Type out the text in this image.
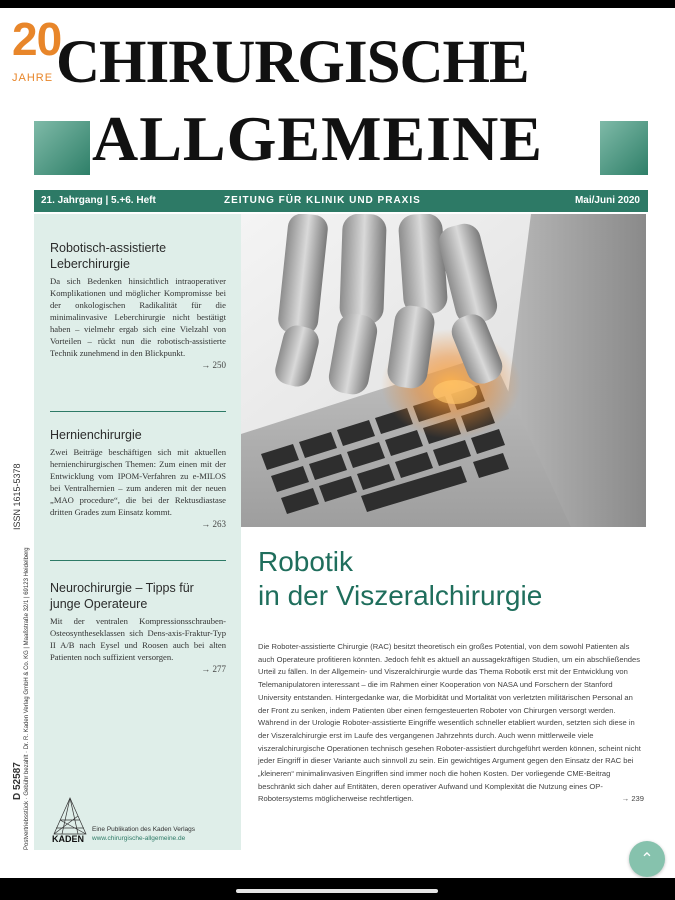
20
JAHRE CHIRURGISCHE
ALLGEMEINE
21. Jahrgang | 5.+6. Heft	ZEITUNG FÜR KLINIK UND PRAXIS	Mai/Juni 2020
Robotisch-assistierte Leberchirurgie

Da sich Bedenken hinsichtlich intraoperativer Komplikationen und möglicher Kompromisse bei der onkologischen Radikalität für die minimalinvasive Leberchirurgie nicht bestätigt haben – vielmehr ergab sich eine Vielzahl von Vorteilen – rückt nun die robotisch-assistierte Technik zunehmend in den Blickpunkt.

→ 250

Hernienchirurgie

Zwei Beiträge beschäftigen sich mit aktuellen hernienchirurgischen Themen: Zum einen mit der Entwicklung vom IPOM-Verfahren zu e-MILOS bei Ventralhernien – zum anderen mit der neuen „MAO procedure“, die bei der Rektusdiastase dritten Grades zum Einsatz kommt.

→ 263

Neurochirurgie – Tipps für junge Operateure

Mit der ventralen Kompressionsschrauben-Osteosyntheseklassen sich Dens-axis-Fraktur-Typ II A/B nach Eysel und Roosen auch bei alten Patienten noch suffizient versorgen.

→ 277

KADEN
Eine Publikation des Kaden Verlags
www.chirurgische-allgemeine.de
ISSN 1615-5378
D 52587 Postvertriebsstück · Gebühr bezahlt · Dr. R. Kaden Verlag GmbH & Co. KG | Maaßstraße 32/1 | 69123 Heidelberg	Robotik
in der Viszeralchirurgie

Die Roboter-assistierte Chirurgie (RAC) besitzt theoretisch ein großes Potential, von dem sowohl Patienten als auch Operateure profitieren könnten. Jedoch fehlt es aktuell an aussagekräftigen Studien, um ein abschließendes Urteil zu fällen. In der Allgemein- und Viszeralchirurgie wurde das Thema Robotik erst mit der Entwicklung von Telemanipulatoren interessant – die im Rahmen einer Kooperation von NASA und Forschern der Stanford University entstanden. Hintergedanke war, die Morbidität und Mortalität von verletzten militärischen Personal an der Front zu senken, indem Patienten über einen ferngesteuerten Roboter von Chirurgen versorgt werden. Während in der Urologie Roboter-assistierte Eingriffe wesentlich schneller etabliert wurden, setzten sich diese in der Viszeralchirurgie erst im Laufe des vergangenen Jahrzehnts durch. Auch wenn mittlerweile viele viszeralchirurgische Operationen technisch gesehen Roboter-assistiert durchgeführt werden können, scheint nicht jeder Eingriff in dieser Variante auch sinnvoll zu sein. Ein gewichtiges Argument gegen den Einsatz der RAC bei „kleineren“ minimalinvasiven Eingriffen sind immer noch die hohen Kosten. Der vorliegende CME-Beitrag beschränkt sich daher auf Entitäten, deren operativer Aufwand und Komplexität die Nutzung eines OP-Robotersystems möglicherweise rechtfertigen.	→ 239

⌃
